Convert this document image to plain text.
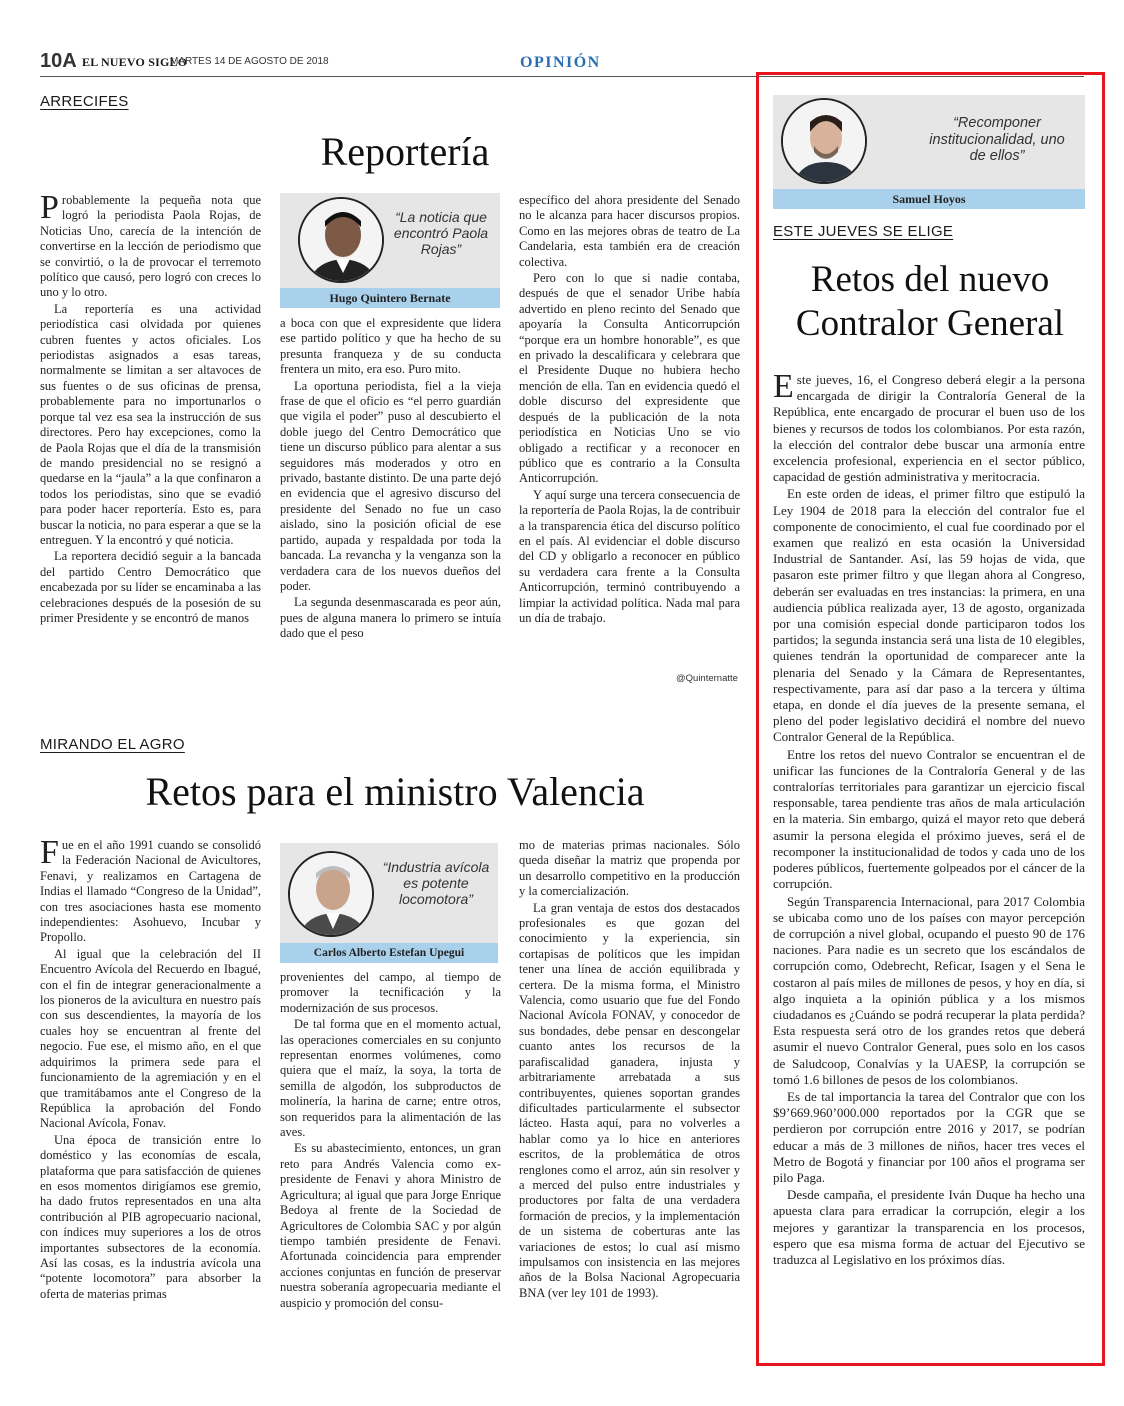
10A EL NUEVO SIGLO
MARTES 14 DE AGOSTO DE 2018	OPINIÓN
ARRECIFES
Reportería

Probablemente la pequeña nota que logró la periodista Paola Rojas, de Noticias Uno, carecía de la intención de convertirse en la lección de periodismo que se convirtió, o la de provocar el terremoto político que causó, pero logró con creces lo uno y lo otro.

La reportería es una actividad periodística casi olvidada por quienes cubren fuentes y actos oficiales. Los periodistas asignados a esas tareas, normalmente se limitan a ser altavoces de sus fuentes o de sus oficinas de prensa, probablemente para no importunarlos o porque tal vez esa sea la instrucción de sus directores. Pero hay excepciones, como la de Paola Rojas que el día de la transmisión de mando presidencial no se resignó a quedarse en la “jaula” a la que confinaron a todos los periodistas, sino que se evadió para poder hacer reportería. Esto es, para buscar la noticia, no para esperar a que se la entreguen. Y la encontró y qué noticia.

La reportera decidió seguir a la bancada del partido Centro Democrático que encabezada por su líder se encaminaba a las celebraciones después de la posesión de su primer Presidente y se encontró de manos

“La noticia que encontró Paola Rojas”
Hugo Quintero Bernate

a boca con que el expresidente que lidera ese partido político y que ha hecho de su presunta franqueza y de su conducta frentera un mito, era eso. Puro mito.

La oportuna periodista, fiel a la vieja frase de que el oficio es “el perro guardián que vigila el poder” puso al descubierto el doble juego del Centro Democrático que tiene un discurso público para alentar a sus seguidores más moderados y otro en privado, bastante distinto. De una parte dejó en evidencia que el agresivo discurso del presidente del Senado no fue un caso aislado, sino la posición oficial de ese partido, aupada y respaldada por toda la bancada. La revancha y la venganza son la verdadera cara de los nuevos dueños del poder.

La segunda desenmascarada es peor aún, pues de alguna manera lo primero se intuía dado que el peso

específico del ahora presidente del Senado no le alcanza para hacer discursos propios. Como en las mejores obras de teatro de La Candelaria, esta también era de creación colectiva.

Pero con lo que si nadie contaba, después de que el senador Uribe había advertido en pleno recinto del Senado que apoyaría la Consulta Anticorrupción “porque era un hombre honorable”, es que en privado la descalificara y celebrara que el Presidente Duque no hubiera hecho mención de ella. Tan en evidencia quedó el doble discurso del expresidente que después de la publicación de la nota periodística en Noticias Uno se vio obligado a rectificar y a reconocer en público que es contrario a la Consulta Anticorrupción.

Y aquí surge una tercera consecuencia de la reportería de Paola Rojas, la de contribuir a la transparencia ética del discurso político en el país. Al evidenciar el doble discurso del CD y obligarlo a reconocer en público su verdadera cara frente a la Consulta Anticorrupción, terminó contribuyendo a limpiar la actividad política. Nada mal para un día de trabajo.

@Quinternatte
MIRANDO EL AGRO
Retos para el ministro Valencia

Fue en el año 1991 cuando se consolidó la Federación Nacional de Avicultores, Fenavi, y realizamos en Cartagena de Indias el llamado “Congreso de la Unidad”, con tres asociaciones hasta ese momento independientes: Asohuevo, Incubar y Propollo.

Al igual que la celebración del II Encuentro Avícola del Recuerdo en Ibagué, con el fin de integrar generacionalmente a los pioneros de la avicultura en nuestro país con sus descendientes, la mayoría de los cuales hoy se encuentran al frente del negocio. Fue ese, el mismo año, en el que adquirimos la primera sede para el funcionamiento de la agremiación y en el que tramitábamos ante el Congreso de la República la aprobación del Fondo Nacional Avícola, Fonav.

Una época de transición entre lo doméstico y las economías de escala, plataforma que para satisfacción de quienes en esos momentos dirigíamos ese gremio, ha dado frutos representados en una alta contribución al PIB agropecuario nacional, con índices muy superiores a los de otros importantes subsectores de la economía. Así las cosas, es la industria avícola una “potente locomotora” para absorber la oferta de materias primas

“Industria avícola es potente locomotora”
Carlos Alberto Estefan Upegui

provenientes del campo, al tiempo de promover la tecnificación y la modernización de sus procesos.

De tal forma que en el momento actual, las operaciones comerciales en su conjunto representan enormes volúmenes, como quiera que el maíz, la soya, la torta de semilla de algodón, los subproductos de molinería, la harina de carne; entre otros, son requeridos para la alimentación de las aves.

Es su abastecimiento, entonces, un gran reto para Andrés Valencia como ex-presidente de Fenavi y ahora Ministro de Agricultura; al igual que para Jorge Enrique Bedoya al frente de la Sociedad de Agricultores de Colombia SAC y por algún tiempo también presidente de Fenavi. Afortunada coincidencia para emprender acciones conjuntas en función de preservar nuestra soberanía agropecuaria mediante el auspicio y promoción del consu-

mo de materias primas nacionales. Sólo queda diseñar la matriz que propenda por un desarrollo competitivo en la producción y la comercialización.

La gran ventaja de estos dos destacados profesionales es que gozan del conocimiento y la experiencia, sin cortapisas de políticos que les impidan tener una línea de acción equilibrada y certera. De la misma forma, el Ministro Valencia, como usuario que fue del Fondo Nacional Avícola FONAV, y conocedor de sus bondades, debe pensar en descongelar cuanto antes los recursos de la parafiscalidad ganadera, injusta y arbitrariamente arrebatada a sus contribuyentes, quienes soportan grandes dificultades particularmente el subsector lácteo. Hasta aquí, para no volverles a hablar como ya lo hice en anteriores escritos, de la problemática de otros renglones como el arroz, aún sin resolver y a merced del pulso entre industriales y productores por falta de una verdadera formación de precios, y la implementación de un sistema de coberturas ante las variaciones de estos; lo cual así mismo impulsamos con insistencia en las mejores años de la Bolsa Nacional Agropecuaria BNA (ver ley 101 de 1993).

“Recomponer institucionalidad, uno de ellos”
Samuel Hoyos
ESTE JUEVES SE ELIGE
Retos del nuevo
Contralor General

Este jueves, 16, el Congreso deberá elegir a la persona encargada de dirigir la Contraloría General de la República, ente encargado de procurar el buen uso de los bienes y recursos de todos los colombianos. Por esta razón, la elección del contralor debe buscar una armonía entre excelencia profesional, experiencia en el sector público, capacidad de gestión administrativa y meritocracia.

En este orden de ideas, el primer filtro que estipuló la Ley 1904 de 2018 para la elección del contralor fue el componente de conocimiento, el cual fue coordinado por el examen que realizó en esta ocasión la Universidad Industrial de Santander. Así, las 59 hojas de vida, que pasaron este primer filtro y que llegan ahora al Congreso, deberán ser evaluadas en tres instancias: la primera, en una audiencia pública realizada ayer, 13 de agosto, organizada por una comisión especial donde participaron todos los partidos; la segunda instancia será una lista de 10 elegibles, quienes tendrán la oportunidad de comparecer ante la plenaria del Senado y la Cámara de Representantes, respectivamente, para así dar paso a la tercera y última etapa, en donde el día jueves de la presente semana, el pleno del poder legislativo decidirá el nombre del nuevo Contralor General de la República.

Entre los retos del nuevo Contralor se encuentran el de unificar las funciones de la Contraloría General y de las contralorías territoriales para garantizar un ejercicio fiscal responsable, tarea pendiente tras años de mala articulación en la materia. Sin embargo, quizá el mayor reto que deberá asumir la persona elegida el próximo jueves, será el de recomponer la institucionalidad de todos y cada uno de los poderes públicos, fuertemente golpeados por el cáncer de la corrupción.

Según Transparencia Internacional, para 2017 Colombia se ubicaba como uno de los países con mayor percepción de corrupción a nivel global, ocupando el puesto 90 de 176 naciones. Para nadie es un secreto que los escándalos de corrupción como, Odebrecht, Reficar, Isagen y el Sena le costaron al país miles de millones de pesos, y hoy en día, si algo inquieta a la opinión pública y a los mismos ciudadanos es ¿Cuándo se podrá recuperar la plata perdida? Esta respuesta será otro de los grandes retos que deberá asumir el nuevo Contralor General, pues solo en los casos de Saludcoop, Conalvías y la UAESP, la corrupción se tomó 1.6 billones de pesos de los colombianos.

Es de tal importancia la tarea del Contralor que con los $9’669.960’000.000 reportados por la CGR que se perdieron por corrupción entre 2016 y 2017, se podrían educar a más de 3 millones de niños, hacer tres veces el Metro de Bogotá y financiar por 100 años el programa ser pilo Paga.

Desde campaña, el presidente Iván Duque ha hecho una apuesta clara para erradicar la corrupción, elegir a los mejores y garantizar la transparencia en los procesos, espero que esa misma forma de actuar del Ejecutivo se traduzca al Legislativo en los próximos días.
